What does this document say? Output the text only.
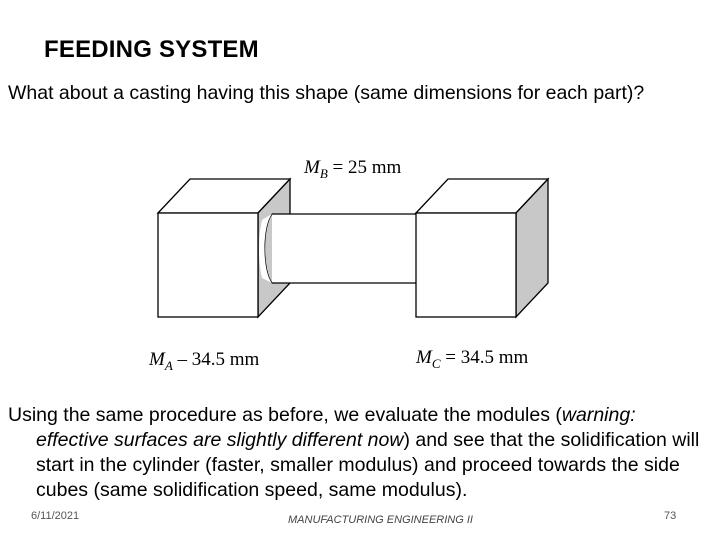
FEEDING SYSTEM
What about a casting having this shape (same dimensions for each part)?
$M_B = 25$ mm
$M_A - 34.5$ mm	$M_C = 34.5$ mm
Using the same procedure as before, we evaluate the modules (warning:
effective surfaces are slightly different now) and see that the solidification will start in the cylinder (faster, smaller modulus) and proceed towards the side cubes (same solidification speed, same modulus).
6/11/2021	MANUFACTURING ENGINEERING II	73
